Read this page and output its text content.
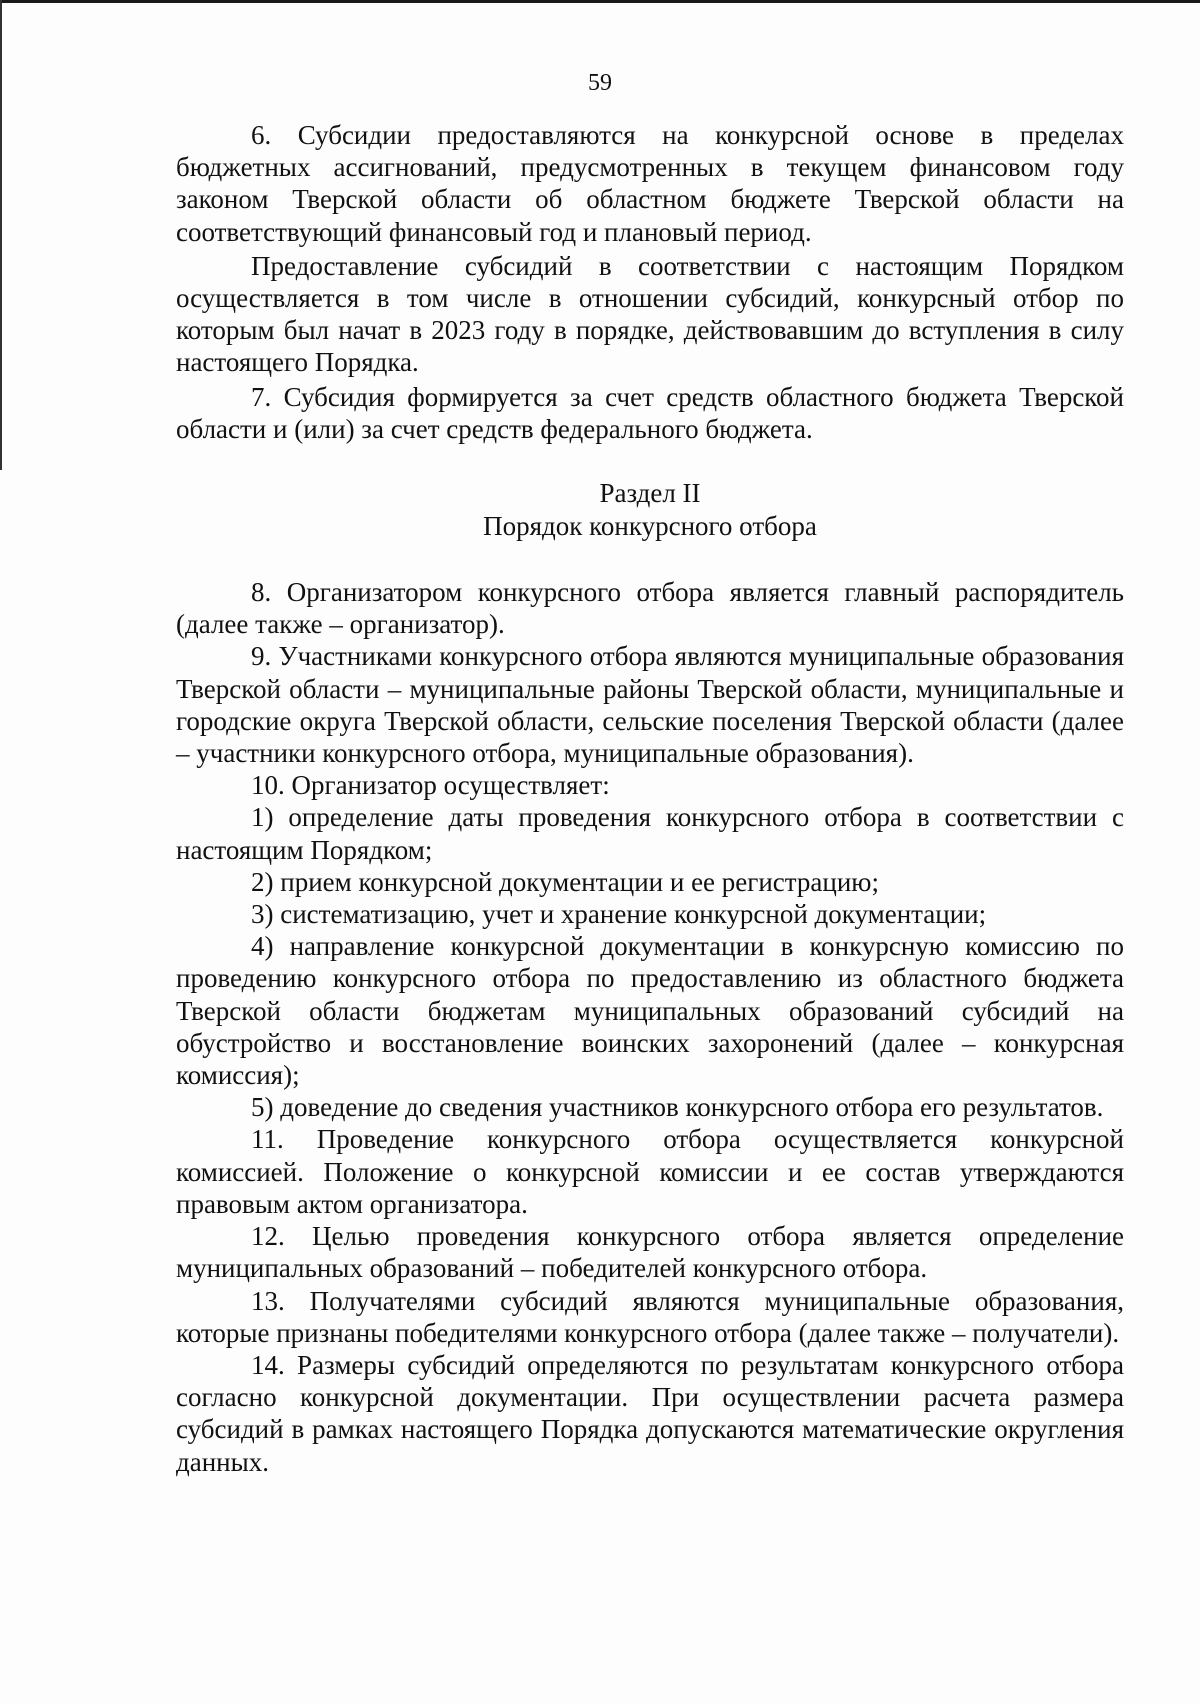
59

6. Субсидии предоставляются на конкурсной основе в пределах бюджетных ассигнований, предусмотренных в текущем финансовом году законом Тверской области об областном бюджете Тверской области на соответствующий финансовый год и плановый период.

Предоставление субсидий в соответствии с настоящим Порядком осуществляется в том числе в отношении субсидий, конкурсный отбор по которым был начат в 2023 году в порядке, действовавшим до вступления в силу настоящего Порядка.

7. Субсидия формируется за счет средств областного бюджета Тверской области и (или) за счет средств федерального бюджета.

Раздел II
Порядок конкурсного отбора

8. Организатором конкурсного отбора является главный распорядитель (далее также – организатор).

9. Участниками конкурсного отбора являются муниципальные образования Тверской области – муниципальные районы Тверской области, муниципальные и городские округа Тверской области, сельские поселения Тверской области (далее – участники конкурсного отбора, муниципальные образования).

10. Организатор осуществляет:

1) определение даты проведения конкурсного отбора в соответствии с настоящим Порядком;

2) прием конкурсной документации и ее регистрацию;

3) систематизацию, учет и хранение конкурсной документации;

4) направление конкурсной документации в конкурсную комиссию по проведению конкурсного отбора по предоставлению из областного бюджета Тверской области бюджетам муниципальных образований субсидий на обустройство и восстановление воинских захоронений (далее – конкурсная комиссия);

5) доведение до сведения участников конкурсного отбора его результатов.

11. Проведение конкурсного отбора осуществляется конкурсной комиссией. Положение о конкурсной комиссии и ее состав утверждаются правовым актом организатора.

12. Целью проведения конкурсного отбора является определение муниципальных образований – победителей конкурсного отбора.

13. Получателями субсидий являются муниципальные образования, которые признаны победителями конкурсного отбора (далее также – получатели).

14. Размеры субсидий определяются по результатам конкурсного отбора согласно конкурсной документации. При осуществлении расчета размера субсидий в рамках настоящего Порядка допускаются математические округления данных.
